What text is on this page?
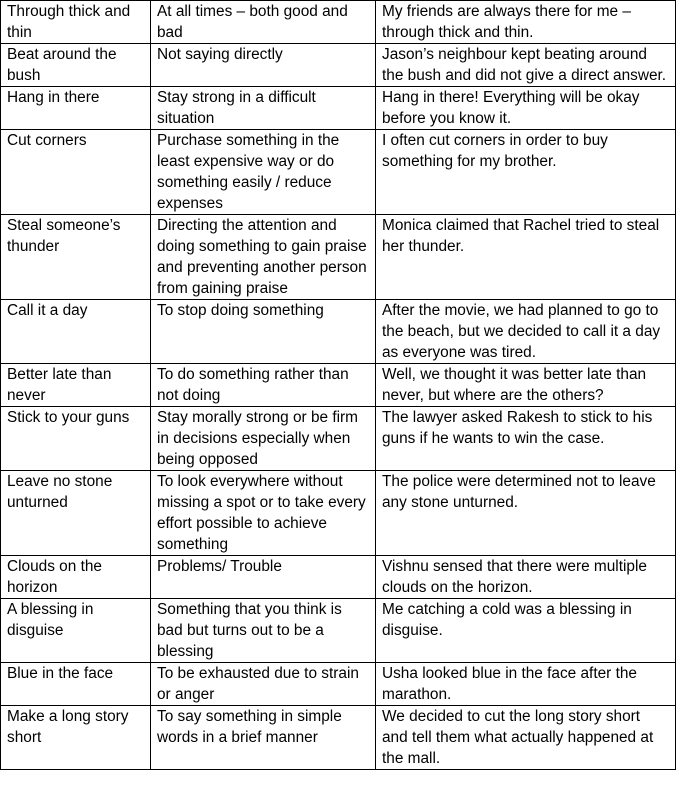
Through thick and thin	At all times – both good and bad	My friends are always there for me – through thick and thin.
Beat around the bush	Not saying directly	Jason’s neighbour kept beating around the bush and did not give a direct answer.
Hang in there	Stay strong in a difficult situation	Hang in there! Everything will be okay before you know it.
Cut corners	Purchase something in the least expensive way or do something easily / reduce expenses	I often cut corners in order to buy something for my brother.
Steal someone’s thunder	Directing the attention and doing something to gain praise and preventing another person from gaining praise	Monica claimed that Rachel tried to steal her thunder.
Call it a day	To stop doing something	After the movie, we had planned to go to the beach, but we decided to call it a day as everyone was tired.
Better late than never	To do something rather than not doing	Well, we thought it was better late than never, but where are the others?
Stick to your guns	Stay morally strong or be firm in decisions especially when being opposed	The lawyer asked Rakesh to stick to his guns if he wants to win the case.
Leave no stone unturned	To look everywhere without missing a spot or to take every effort possible to achieve something	The police were determined not to leave any stone unturned.
Clouds on the horizon	Problems/ Trouble	Vishnu sensed that there were multiple clouds on the horizon.
A blessing in disguise	Something that you think is bad but turns out to be a blessing	Me catching a cold was a blessing in disguise.
Blue in the face	To be exhausted due to strain or anger	Usha looked blue in the face after the marathon.
Make a long story short	To say something in simple words in a brief manner	We decided to cut the long story short and tell them what actually happened at the mall.
